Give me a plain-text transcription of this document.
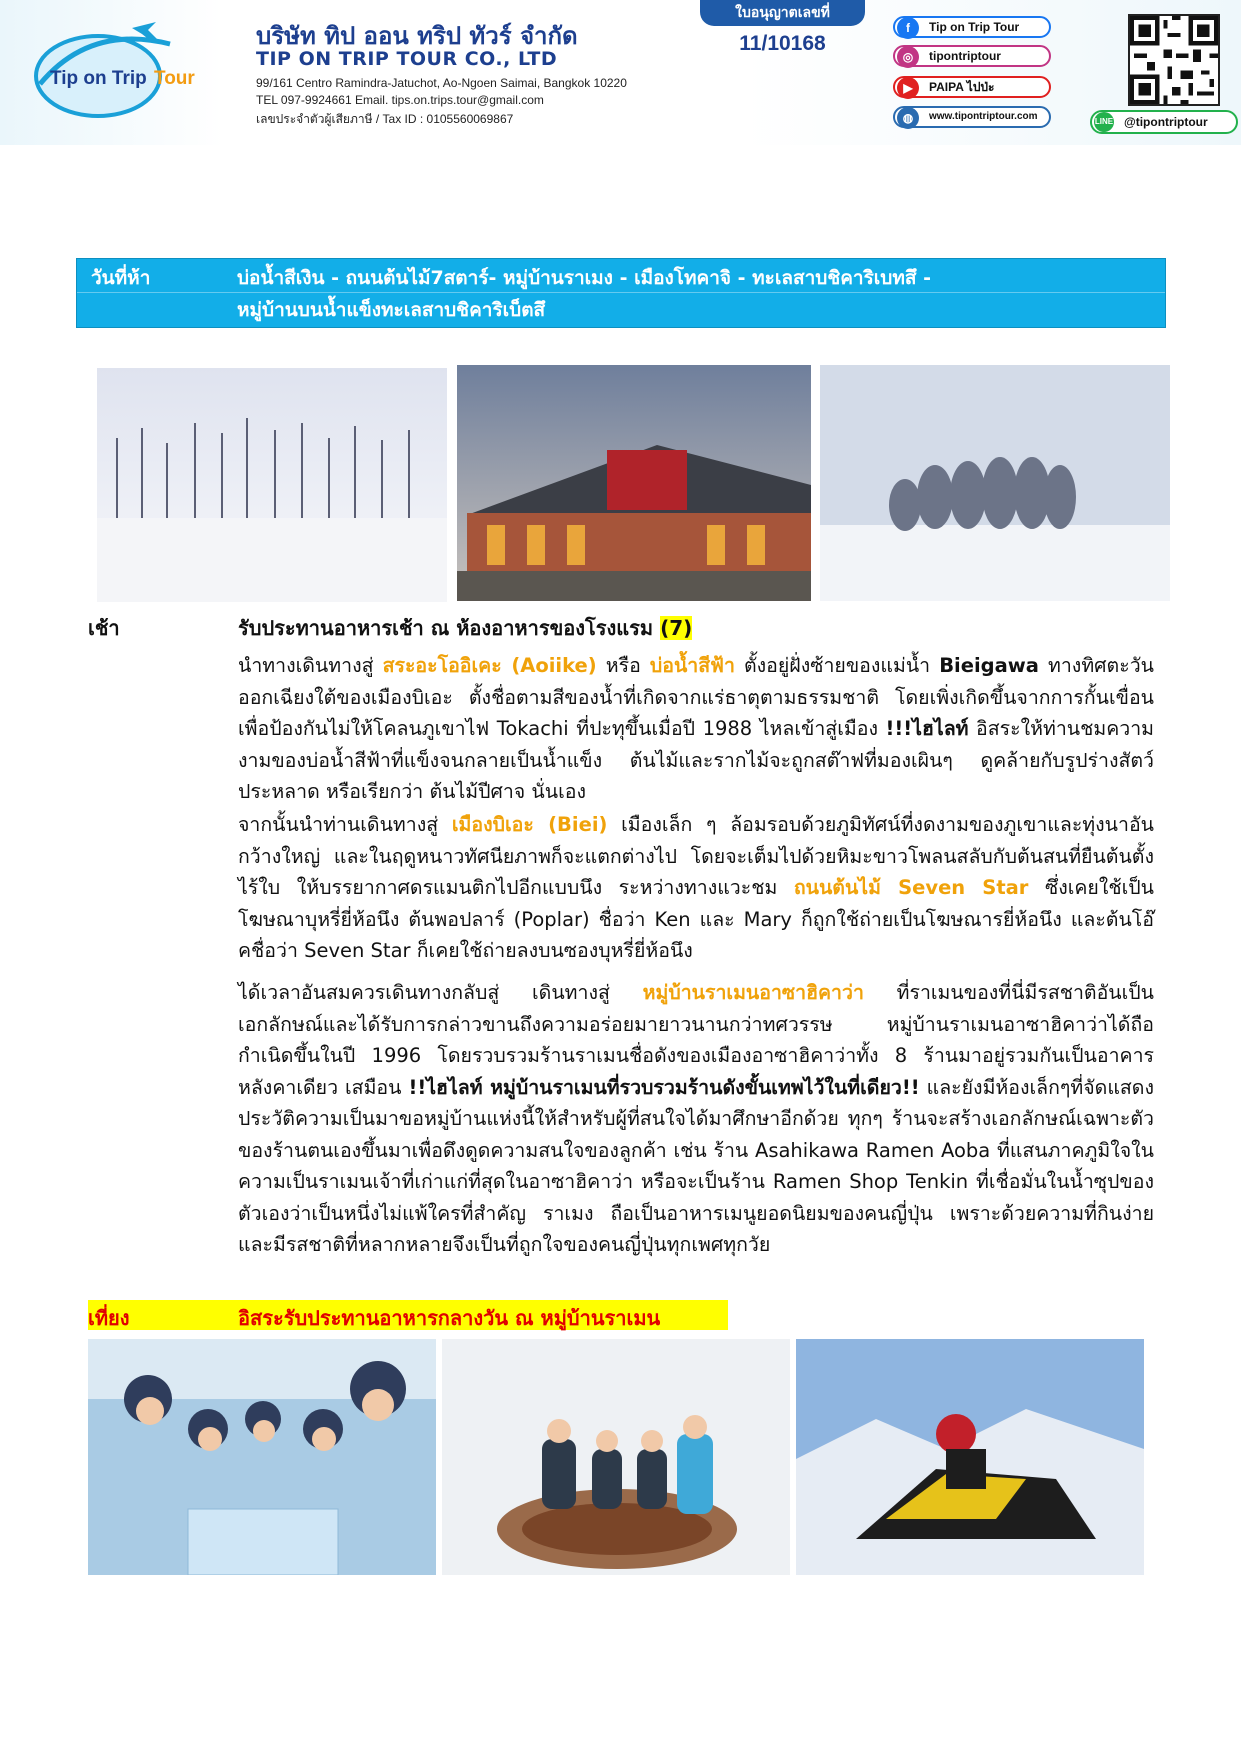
Tip on Trip Tour
บริษัท ทิป ออน ทริป ทัวร์ จำกัด
TIP ON TRIP TOUR CO., LTD
99/161 Centro Ramindra-Jatuchot, Ao-Ngoen Saimai, Bangkok 10220
TEL 097-9924661 Email. tips.on.trips.tour@gmail.com
เลขประจำตัวผู้เสียภาษี / Tax ID : 0105560069867
ใบอนุญาตเลขที่
11/10168
f	Tip on Trip Tour
◎	tipontriptour
▶	PAIPA ไปป่ะ
◍	www.tipontriptour.com	LINE @tipontriptour
วันที่ห้า	บ่อน้ำสีเงิน - ถนนต้นไม้7สตาร์- หมู่บ้านราเมง - เมืองโทคาจิ - ทะเลสาบชิคาริเบทสึ -
หมู่บ้านบนน้ำแข็งทะเลสาบชิคาริเบ็ตสึ
เช้า	รับประทานอาหารเช้า ณ ห้องอาหารของโรงแรม (7)
นำทางเดินทางสู่ สระอะโออิเคะ (Aoiike) หรือ บ่อน้ำสีฟ้า ตั้งอยู่ฝั่งซ้ายของแม่น้ำ Bieigawa ทางทิศตะวันออกเฉียงใต้ของเมืองบิเอะ ตั้งชื่อตามสีของน้ำที่เกิดจากแร่ธาตุตามธรรมชาติ โดยเพิ่งเกิดขึ้นจากการกั้นเขื่อนเพื่อป้องกันไม่ให้โคลนภูเขาไฟ Tokachi ที่ปะทุขึ้นเมื่อปี 1988 ไหลเข้าสู่เมือง !!!ไฮไลท์ อิสระให้ท่านชมความงามของบ่อน้ำสีฟ้าที่แข็งจนกลายเป็นน้ำแข็ง ต้นไม้และรากไม้จะถูกสต๊าฟที่มองเผินๆ ดูคล้ายกับรูปร่างสัตว์ประหลาด หรือเรียกว่า ต้นไม้ปีศาจ นั่นเอง
จากนั้นนำท่านเดินทางสู่ เมืองบิเอะ (Biei) เมืองเล็ก ๆ ล้อมรอบด้วยภูมิทัศน์ที่งดงามของภูเขาและทุ่งนาอันกว้างใหญ่ และในฤดูหนาวทัศนียภาพก็จะแตกต่างไป โดยจะเต็มไปด้วยหิมะขาวโพลนสลับกับต้นสนที่ยืนต้นตั้งไร้ใบ ให้บรรยากาศดรแมนติกไปอีกแบบนึง ระหว่างทางแวะชม ถนนต้นไม้ Seven Star ซึ่งเคยใช้เป็นโฆษณาบุหรี่ยี่ห้อนึง ต้นพอปลาร์ (Poplar) ชื่อว่า Ken และ Mary ก็ถูกใช้ถ่ายเป็นโฆษณารยี่ห้อนึง และต้นโอ๊คชื่อว่า Seven Star ก็เคยใช้ถ่ายลงบนซองบุหรี่ยี่ห้อนึง
ได้เวลาอันสมควรเดินทางกลับสู่ เดินทางสู่ หมู่บ้านราเมนอาซาฮิคาว่า ที่ราเมนของที่นี่มีรสชาติอันเป็นเอกลักษณ์และได้รับการกล่าวขานถึงความอร่อยมายาวนานกว่าทศวรรษ หมู่บ้านราเมนอาซาฮิคาว่าได้ถือกำเนิดขึ้นในปี 1996 โดยรวบรวมร้านราเมนชื่อดังของเมืองอาซาฮิคาว่าทั้ง 8 ร้านมาอยู่รวมกันเป็นอาคารหลังคาเดียว เสมือน !!ไฮไลท์ หมู่บ้านราเมนที่รวบรวมร้านดังขั้นเทพไว้ในที่เดียว!! และยังมีห้องเล็กๆที่จัดแสดงประวัติความเป็นมาขอหมู่บ้านแห่งนี้ให้สำหรับผู้ที่สนใจได้มาศึกษาอีกด้วย ทุกๆ ร้านจะสร้างเอกลักษณ์เฉพาะตัวของร้านตนเองขึ้นมาเพื่อดึงดูดความสนใจของลูกค้า เช่น ร้าน Asahikawa Ramen Aoba ที่แสนภาคภูมิใจในความเป็นราเมนเจ้าที่เก่าแก่ที่สุดในอาซาฮิคาว่า หรือจะเป็นร้าน Ramen Shop Tenkin ที่เชื่อมั่นในน้ำซุปของตัวเองว่าเป็นหนึ่งไม่แพ้ใครที่สำคัญ ราเมง ถือเป็นอาหารเมนูยอดนิยมของคนญี่ปุ่น เพราะด้วยความที่กินง่ายและมีรสชาติที่หลากหลายจึงเป็นที่ถูกใจของคนญี่ปุ่นทุกเพศทุกวัย
เที่ยง	อิสระรับประทานอาหารกลางวัน ณ หมู่บ้านราเมน
